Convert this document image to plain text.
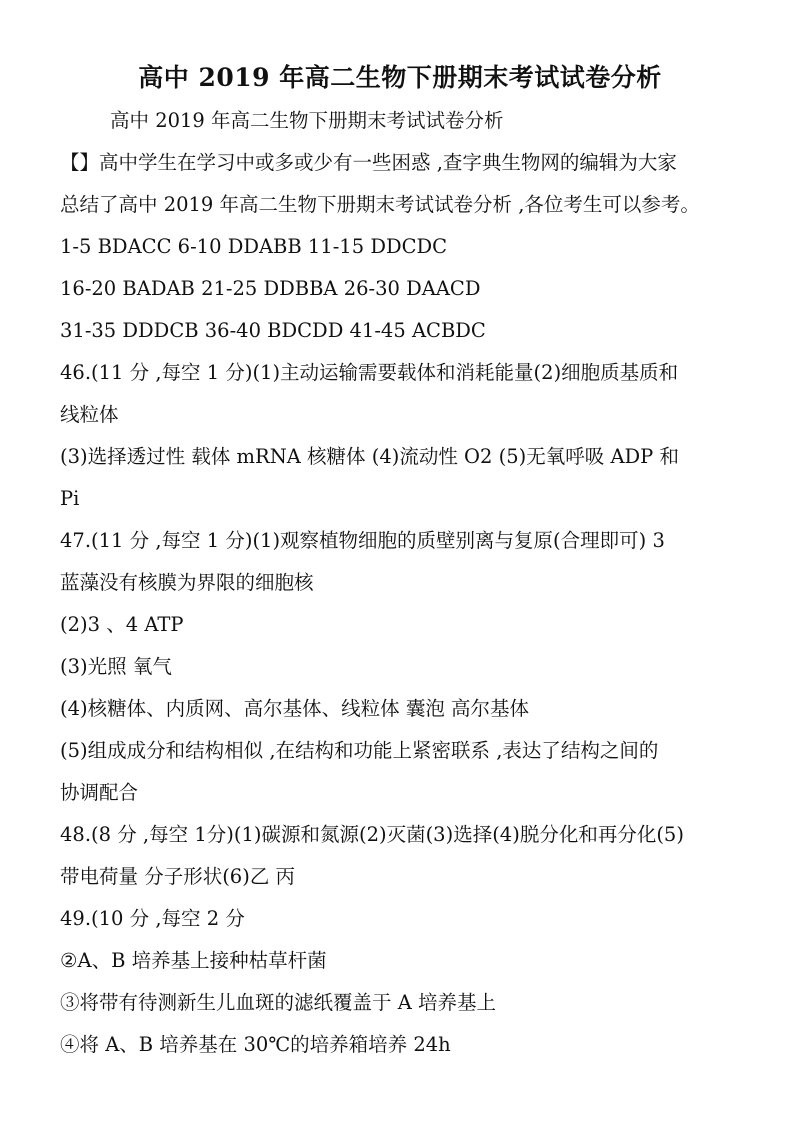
高中 2019 年高二生物下册期末考试试卷分析
高中 2019 年高二生物下册期末考试试卷分析
【】高中学生在学习中或多或少有一些困惑 ,查字典生物网的编辑为大家
总结了高中 2019 年高二生物下册期末考试试卷分析 ,各位考生可以参考。
1-5 BDACC 6-10 DDABB 11-15 DDCDC
16-20 BADAB 21-25 DDBBA 26-30 DAACD
31-35 DDDCB 36-40 BDCDD 41-45 ACBDC
46.(11 分 ,每空 1 分)(1)主动运输需要载体和消耗能量(2)细胞质基质和
线粒体
(3)选择透过性 载体 mRNA 核糖体 (4)流动性 O2 (5)无氧呼吸 ADP 和
Pi
47.(11 分 ,每空 1 分)(1)观察植物细胞的质壁别离与复原(合理即可) 3
蓝藻没有核膜为界限的细胞核
(2)3 、4 ATP
(3)光照 氧气
(4)核糖体、内质网、高尔基体、线粒体 囊泡 高尔基体
(5)组成成分和结构相似 ,在结构和功能上紧密联系 ,表达了结构之间的
协调配合
48.(8 分 ,每空 1分)(1)碳源和氮源(2)灭菌(3)选择(4)脱分化和再分化(5)
带电荷量 分子形状(6)乙 丙
49.(10 分 ,每空 2 分
②A、B 培养基上接种枯草杆菌
③将带有待测新生儿血斑的滤纸覆盖于 A 培养基上
④将 A、B 培养基在 30℃的培养箱培养 24h
